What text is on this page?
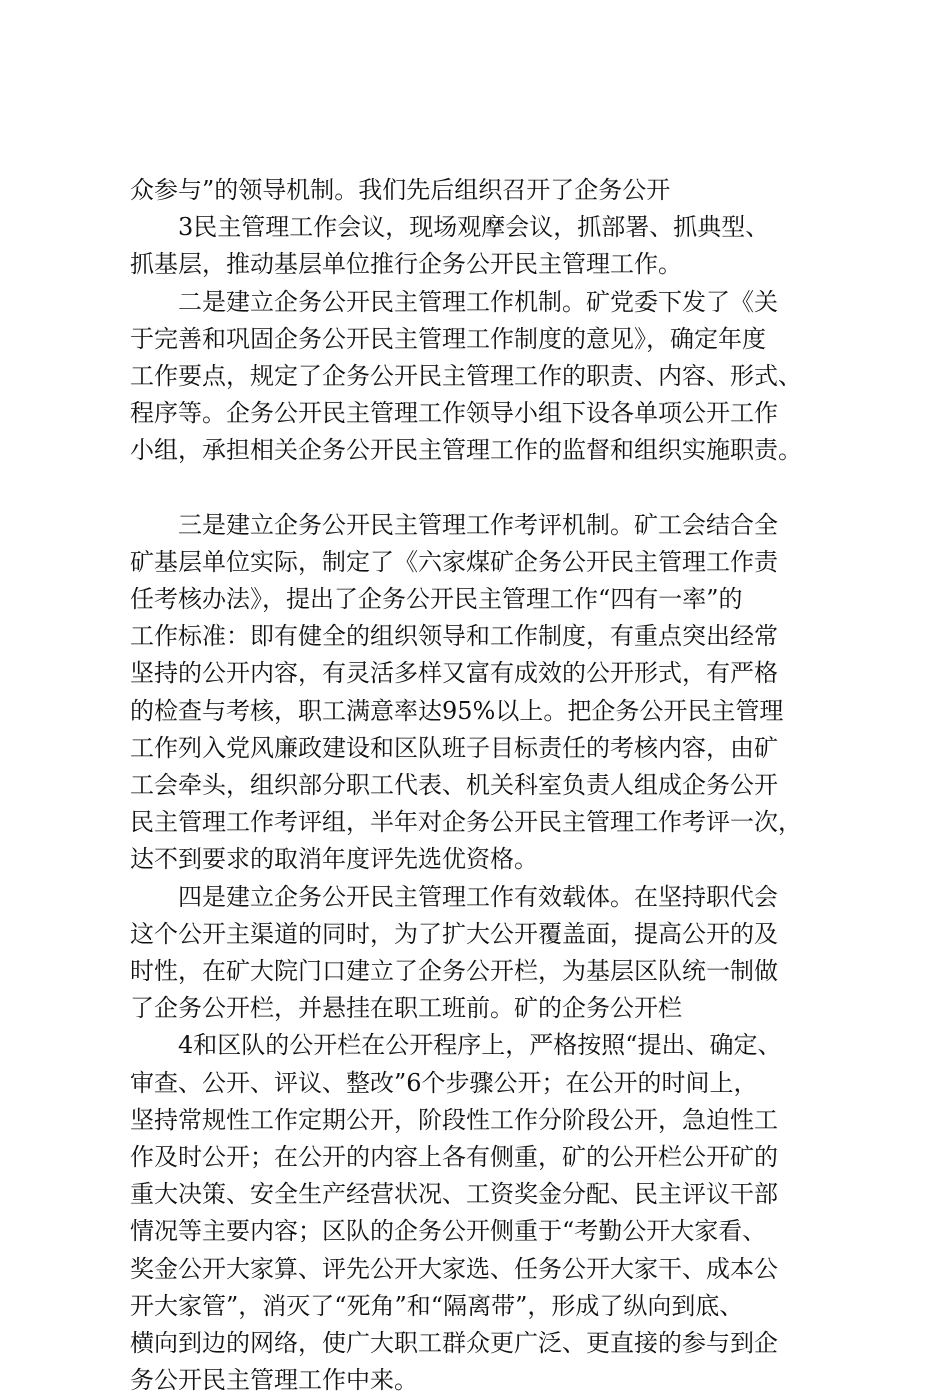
众参与”的领导机制。我们先后组织召开了企务公开

3民主管理工作会议，现场观摩会议，抓部署、抓典型、
抓基层，推动基层单位推行企务公开民主管理工作。

二是建立企务公开民主管理工作机制。矿党委下发了《关
于完善和巩固企务公开民主管理工作制度的意见》，确定年度
工作要点，规定了企务公开民主管理工作的职责、内容、形式、
程序等。企务公开民主管理工作领导小组下设各单项公开工作
小组，承担相关企务公开民主管理工作的监督和组织实施职责。

三是建立企务公开民主管理工作考评机制。矿工会结合全
矿基层单位实际，制定了《六家煤矿企务公开民主管理工作责
任考核办法》，提出了企务公开民主管理工作“四有一率”的
工作标准：即有健全的组织领导和工作制度，有重点突出经常
坚持的公开内容，有灵活多样又富有成效的公开形式，有严格
的检查与考核，职工满意率达95%以上。把企务公开民主管理
工作列入党风廉政建设和区队班子目标责任的考核内容，由矿
工会牵头，组织部分职工代表、机关科室负责人组成企务公开
民主管理工作考评组，半年对企务公开民主管理工作考评一次，
达不到要求的取消年度评先选优资格。

四是建立企务公开民主管理工作有效载体。在坚持职代会
这个公开主渠道的同时，为了扩大公开覆盖面，提高公开的及
时性，在矿大院门口建立了企务公开栏，为基层区队统一制做
了企务公开栏，并悬挂在职工班前。矿的企务公开栏

4和区队的公开栏在公开程序上，严格按照“提出、确定、
审查、公开、评议、整改”6个步骤公开；在公开的时间上，
坚持常规性工作定期公开，阶段性工作分阶段公开，急迫性工
作及时公开；在公开的内容上各有侧重，矿的公开栏公开矿的
重大决策、安全生产经营状况、工资奖金分配、民主评议干部
情况等主要内容；区队的企务公开侧重于“考勤公开大家看、
奖金公开大家算、评先公开大家选、任务公开大家干、成本公
开大家管”，消灭了“死角”和“隔离带”，形成了纵向到底、
横向到边的网络，使广大职工群众更广泛、更直接的参与到企
务公开民主管理工作中来。
